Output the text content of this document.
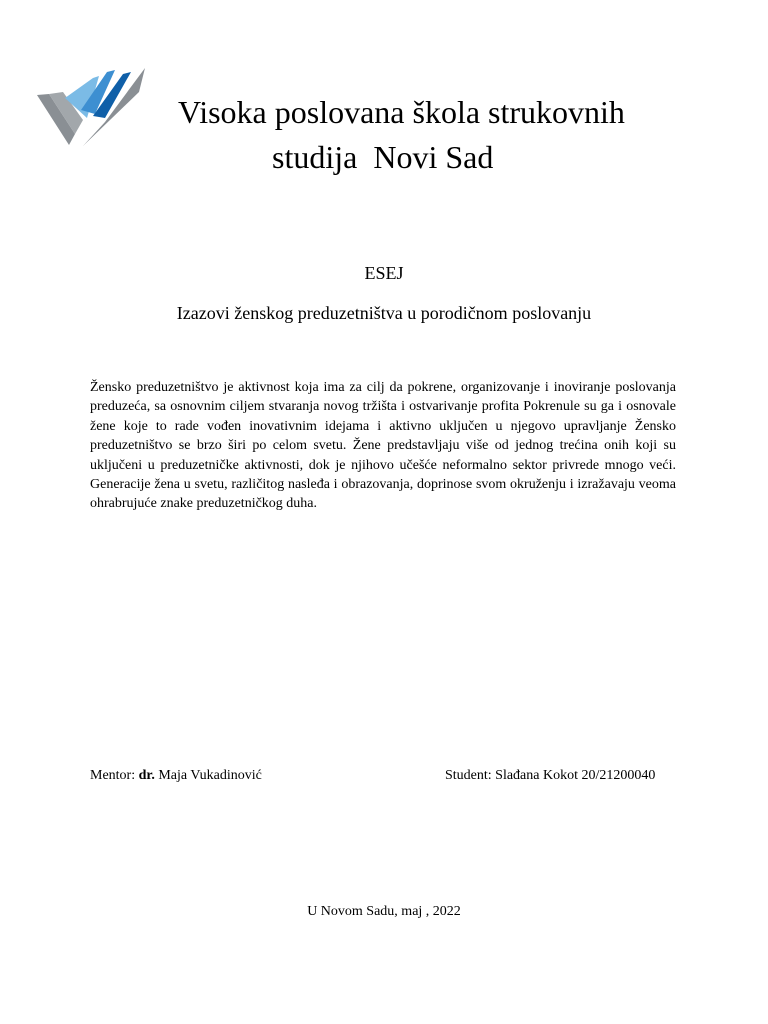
Visoka poslovana škola strukovnih
studija  Novi Sad
ESEJ
Izazovi ženskog preduzetništva u porodičnom poslovanju

Žensko preduzetništvo je aktivnost koja ima za cilj da pokrene, organizovanje i inoviranje poslovanja preduzeća, sa osnovnim ciljem stvaranja novog tržišta i ostvarivanje profita Pokrenule su ga i osnovale žene koje to rade vođen inovativnim idejama i aktivno uključen u njegovo upravljanje Žensko preduzetništvo se brzo širi po celom svetu. Žene predstavljaju više od jednog trećina onih koji su uključeni u preduzetničke aktivnosti, dok je njihovo učešće neformalno sektor privrede mnogo veći. Generacije žena u svetu, različitog nasleđa i obrazovanja, doprinose svom okruženju i izražavaju veoma ohrabrujuće znake preduzetničkog duha.

Mentor: dr. Maja Vukadinović	Student: Slađana Kokot 20/21200040
U Novom Sadu, maj , 2022
